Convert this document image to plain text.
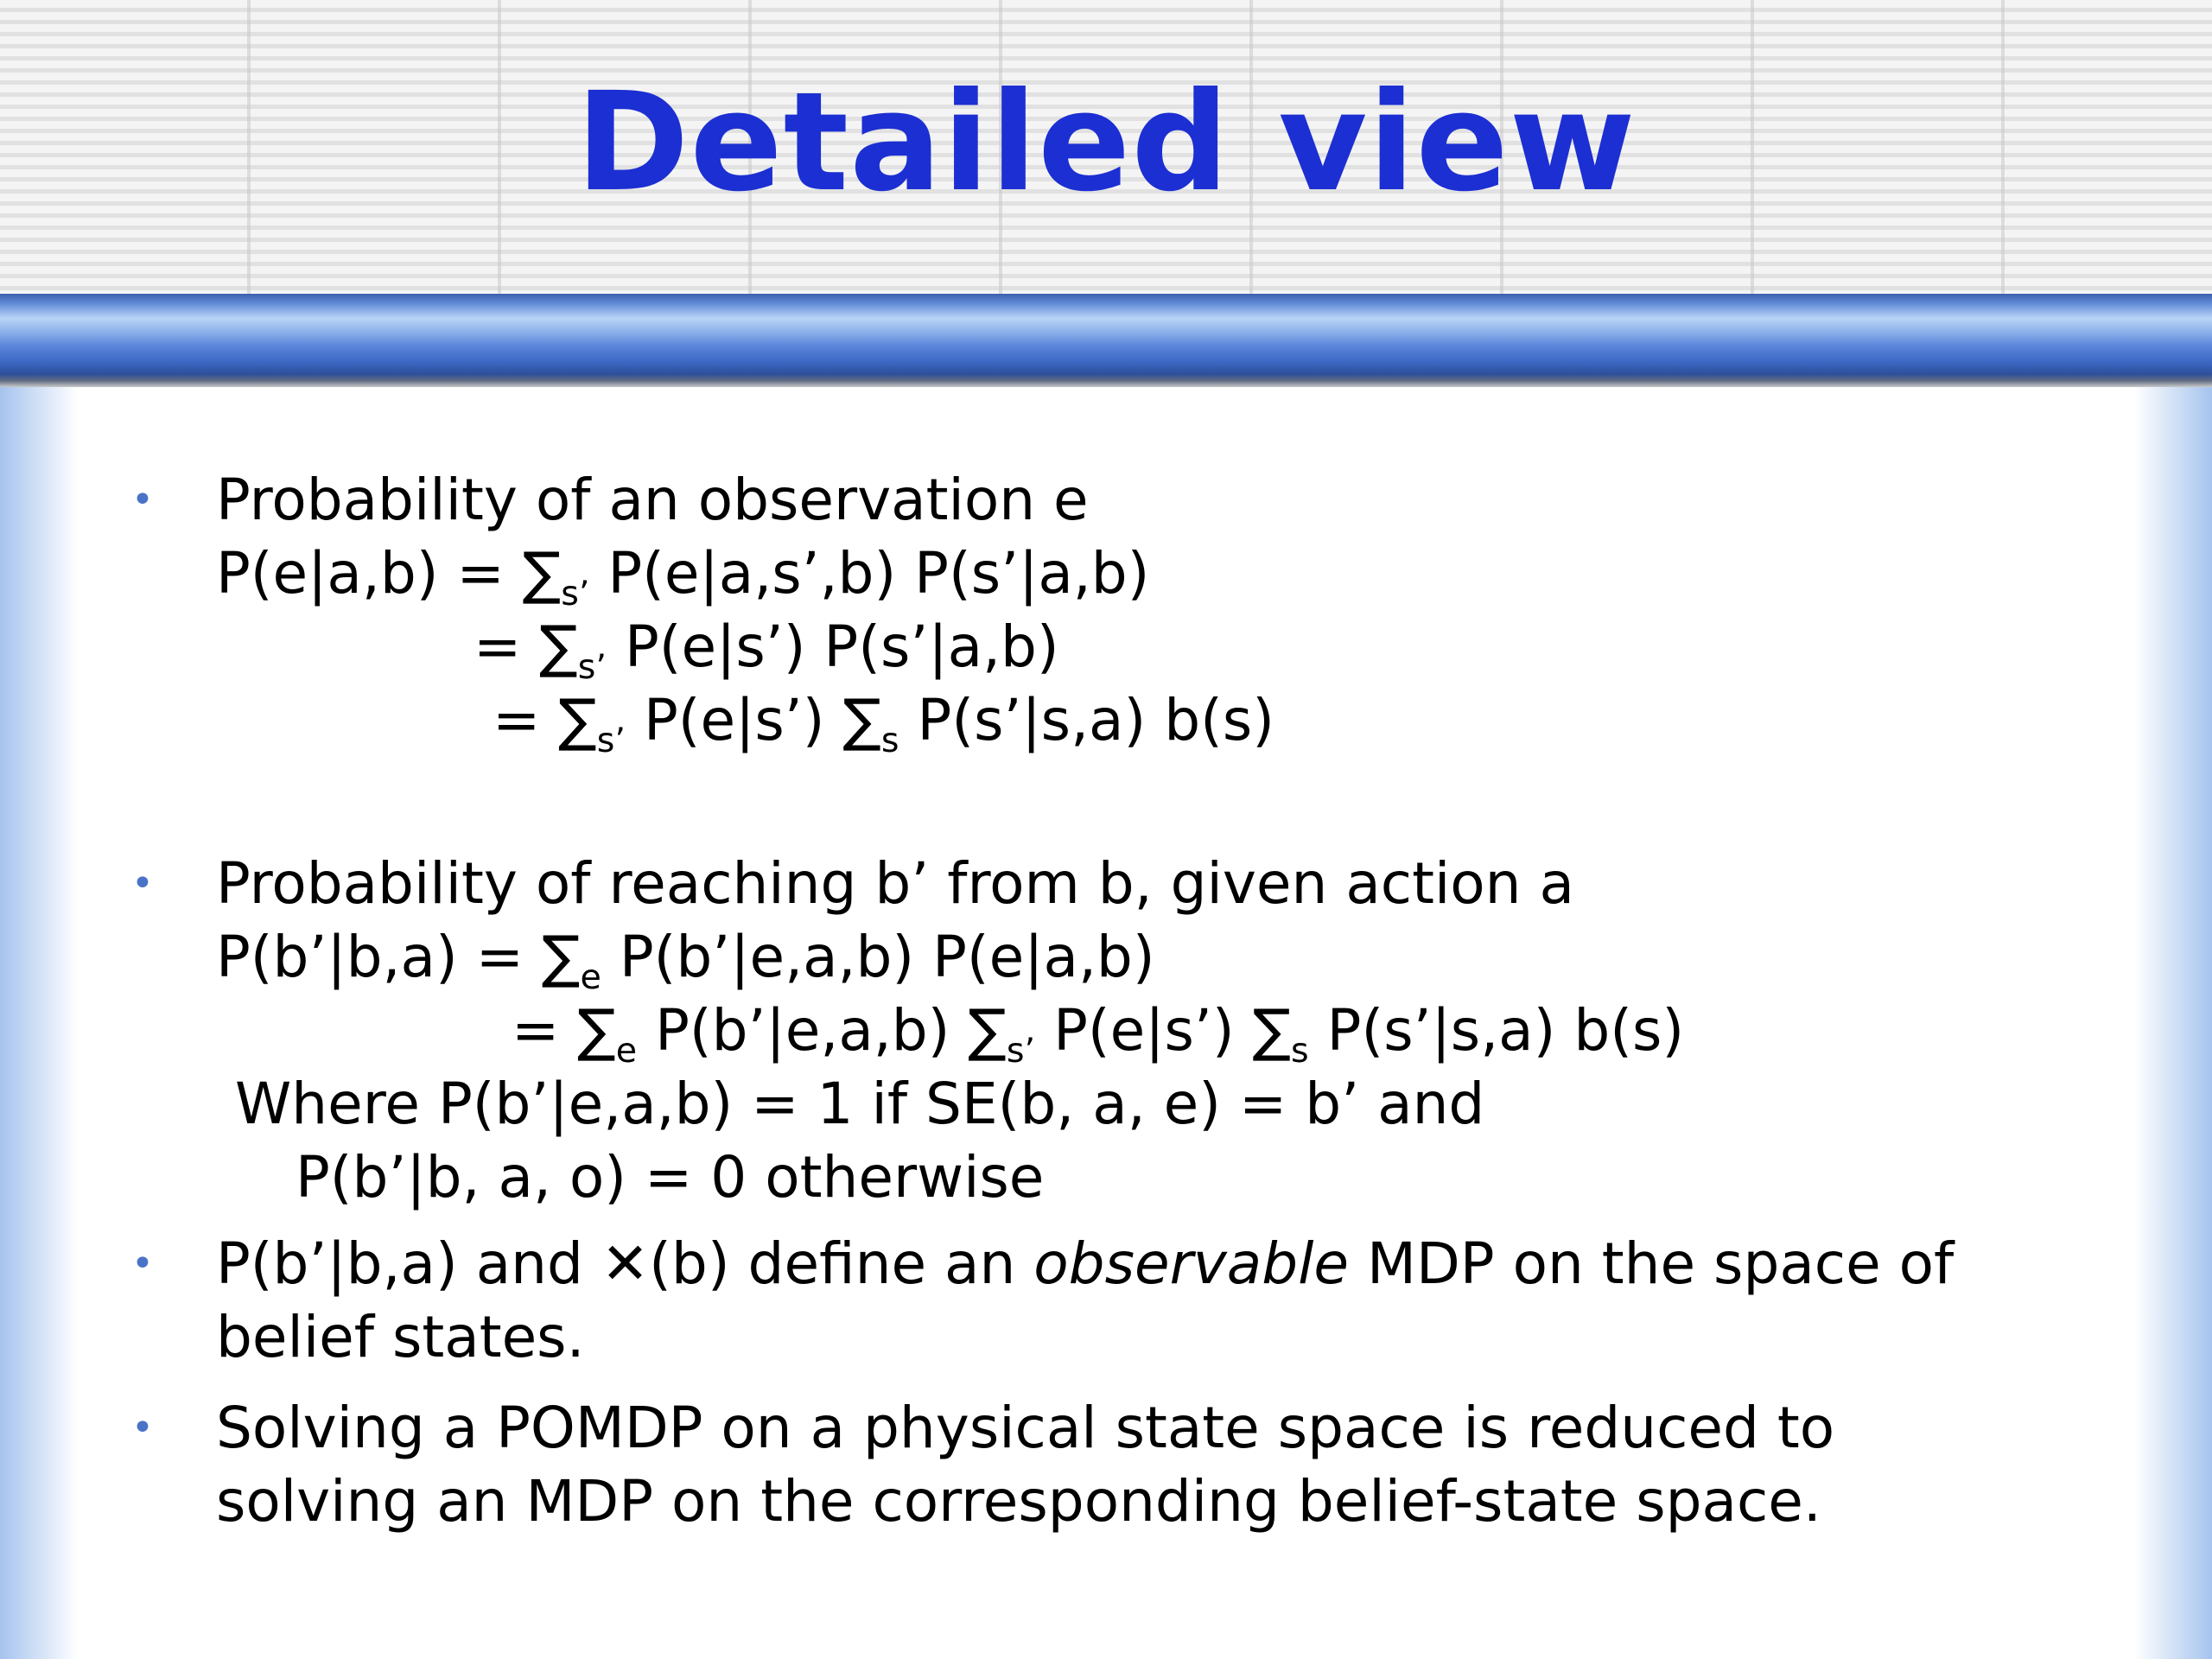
Detailed view
• Probability of an observation e
$P(e|a,b) = \sum_{s’}$ P(e|a,s’,b) P(s’|a,b)
= $\sum_{s’}$ P(e|s’) P(s’|a,b)
= $\sum_{s’}$ P(e|s’) $\sum_s$ P(s’|s,a) b(s)
• Probability of reaching b’ from b, given action a
P(b’|b,a) = $\sum_e$ P(b’|e,a,b) P(e|a,b)
= $\sum_e$ P(b’|e,a,b) $\sum_{s’}$ P(e|s’) $\sum_s$ P(s’|s,a) b(s)
Where P(b’|e,a,b) = 1 if SE(b, a, e) = b’ and
P(b’|b, a, o) = 0 otherwise
• P(b’|b,a) and ✕(b) define an observable MDP on the space of
belief states.
• Solving a POMDP on a physical state space is reduced to
solving an MDP on the corresponding belief-state space.
